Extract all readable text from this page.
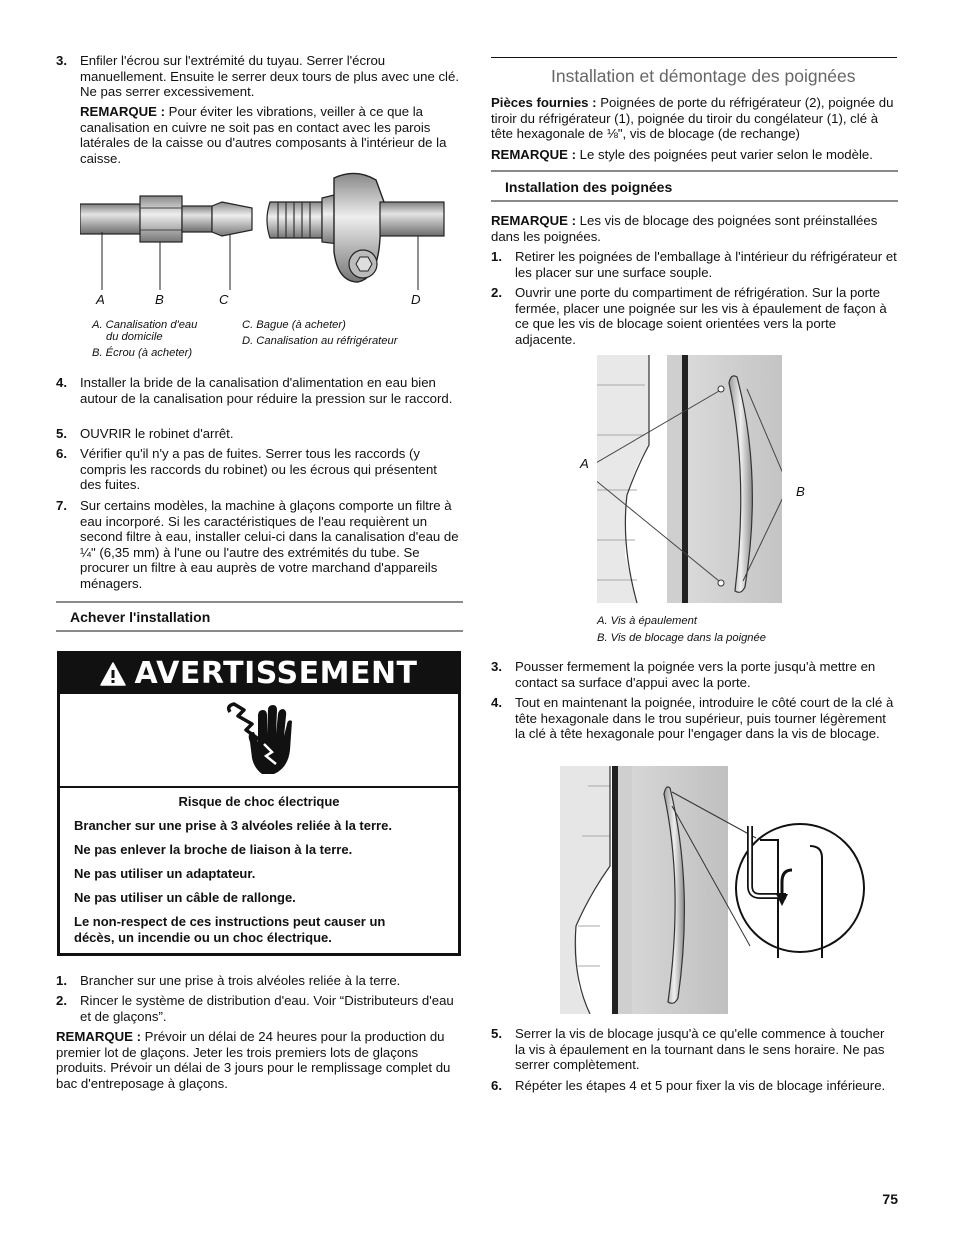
3. Enfiler l'écrou sur l'extrémité du tuyau. Serrer l'écrou manuellement. Ensuite le serrer deux tours de plus avec une clé. Ne pas serrer excessivement.
REMARQUE : Pour éviter les vibrations, veiller à ce que la canalisation en cuivre ne soit pas en contact avec les parois latérales de la caisse ou d'autres composants à l'intérieur de la caisse.
A	B	C	D
A. Canalisation d'eau
du domicile
B. Écrou (à acheter)
C. Bague (à acheter)
D. Canalisation au réfrigérateur
4. Installer la bride de la canalisation d'alimentation en eau bien autour de la canalisation pour réduire la pression sur le raccord.
5. OUVRIR le robinet d'arrêt.
6. Vérifier qu'il n'y a pas de fuites. Serrer tous les raccords (y compris les raccords du robinet) ou les écrous qui présentent des fuites.
7. Sur certains modèles, la machine à glaçons comporte un filtre à eau incorporé. Si les caractéristiques de l'eau requièrent un second filtre à eau, installer celui-ci dans la canalisation d'eau de ¼" (6,35 mm) à l'une ou l'autre des extrémités du tube. Se procurer un filtre à eau auprès de votre marchand d'appareils ménagers.
Achever l'installation
AVERTISSEMENT
Risque de choc électrique
Brancher sur une prise à 3 alvéoles reliée à la terre.
Ne pas enlever la broche de liaison à la terre.
Ne pas utiliser un adaptateur.
Ne pas utiliser un câble de rallonge.
Le non-respect de ces instructions peut causer un décès, un incendie ou un choc électrique.
1. Brancher sur une prise à trois alvéoles reliée à la terre.
2. Rincer le système de distribution d'eau. Voir “Distributeurs d'eau et de glaçons”.
REMARQUE : Prévoir un délai de 24 heures pour la production du premier lot de glaçons. Jeter les trois premiers lots de glaçons produits. Prévoir un délai de 3 jours pour le remplissage complet du bac d'entreposage à glaçons.
Installation et démontage des poignées
Pièces fournies : Poignées de porte du réfrigérateur (2), poignée du tiroir du réfrigérateur (1), poignée du tiroir du congélateur (1), clé à tête hexagonale de ⅛", vis de blocage (de rechange)
REMARQUE : Le style des poignées peut varier selon le modèle.
Installation des poignées
REMARQUE : Les vis de blocage des poignées sont préinstallées dans les poignées.
1. Retirer les poignées de l'emballage à l'intérieur du réfrigérateur et les placer sur une surface souple.
2. Ouvrir une porte du compartiment de réfrigération. Sur la porte fermée, placer une poignée sur les vis à épaulement de façon à ce que les vis de blocage soient orientées vers la porte adjacente.
A
B
A. Vis à épaulement
B. Vis de blocage dans la poignée
3. Pousser fermement la poignée vers la porte jusqu'à mettre en contact sa surface d'appui avec la porte.
4. Tout en maintenant la poignée, introduire le côté court de la clé à tête hexagonale dans le trou supérieur, puis tourner légèrement la clé à tête hexagonale pour l'engager dans la vis de blocage.
5. Serrer la vis de blocage jusqu'à ce qu'elle commence à toucher la vis à épaulement en la tournant dans le sens horaire. Ne pas serrer complètement.
6. Répéter les étapes 4 et 5 pour fixer la vis de blocage inférieure.
75
